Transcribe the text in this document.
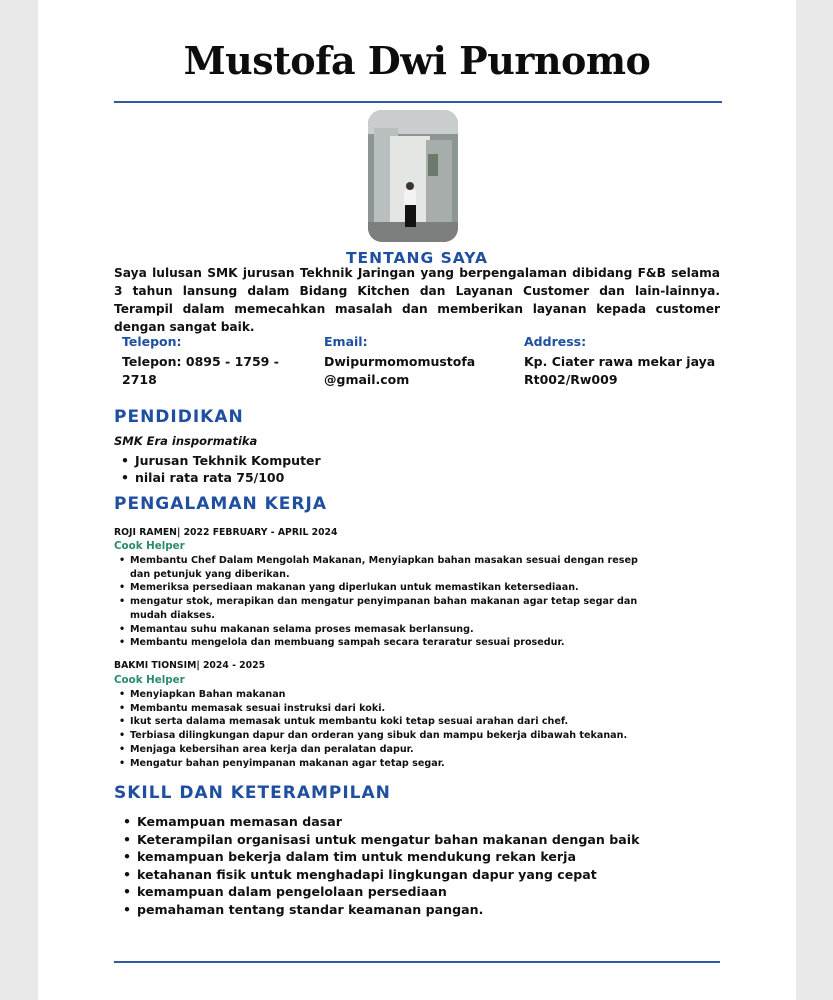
Mustofa Dwi Purnomo
TENTANG SAYA

Saya lulusan SMK jurusan Tekhnik Jaringan yang berpengalaman dibidang F&B selama 3 tahun lansung dalam Bidang Kitchen dan Layanan Customer dan lain-lainnya. Terampil dalam memecahkan masalah dan memberikan layanan kepada customer dengan sangat baik.

Telepon:
Telepon: 0895 - 1759 - 2718
Email:
Dwipurmomomustofa
@gmail.com
Address:
Kp. Ciater rawa mekar jaya
Rt002/Rw009
PENDIDIKAN
SMK Era inspormatika
• Jurusan Tekhnik Komputer
• nilai rata rata 75/100
PENGALAMAN KERJA
ROJI RAMEN| 2022 FEBRUARY - APRIL 2024
Cook Helper
• Membantu Chef Dalam Mengolah Makanan, Menyiapkan bahan masakan sesuai dengan resep dan petunjuk yang diberikan.
• Memeriksa persediaan makanan yang diperlukan untuk memastikan ketersediaan.
• mengatur stok, merapikan dan mengatur penyimpanan bahan makanan agar tetap segar dan mudah diakses.
• Memantau suhu makanan selama proses memasak berlansung.
• Membantu mengelola dan membuang sampah secara teraratur sesuai prosedur.
BAKMI TIONSIM| 2024 - 2025
Cook Helper
• Menyiapkan Bahan makanan
• Membantu memasak sesuai instruksi dari koki.
• Ikut serta dalama memasak untuk membantu koki tetap sesuai arahan dari chef.
• Terbiasa dilingkungan dapur dan orderan yang sibuk dan mampu bekerja dibawah tekanan.
• Menjaga kebersihan area kerja dan peralatan dapur.
• Mengatur bahan penyimpanan makanan agar tetap segar.
SKILL DAN KETERAMPILAN
• Kemampuan memasan dasar
• Keterampilan organisasi untuk mengatur bahan makanan dengan baik
• kemampuan bekerja dalam tim untuk mendukung rekan kerja
• ketahanan fisik untuk menghadapi lingkungan dapur yang cepat
• kemampuan dalam pengelolaan persediaan
• pemahaman tentang standar keamanan pangan.
